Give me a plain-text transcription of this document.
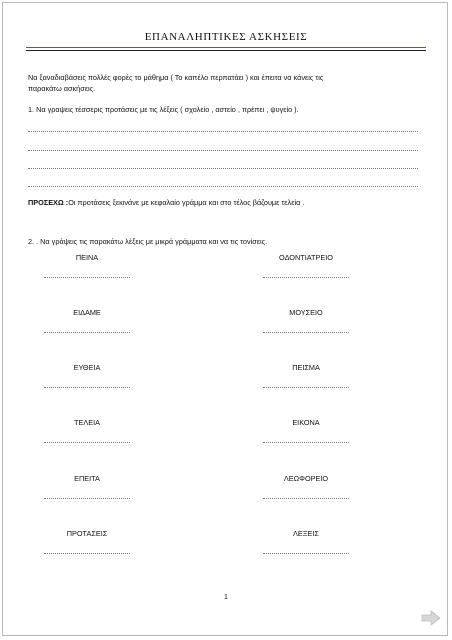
ΕΠΑΝΑΛΗΠΤΙΚΕΣ ΑΣΚΗΣΕΙΣ
Να ξαναδιαβάσεις πολλές φορές το μάθημα ( Το καπέλο περπατάει ) και έπειτα να κάνεις τις
παρακάτω ασκήσεις.
1. Να γραψεις τέσσερις προτάσεις με τις λέξεις ( σχολείο , αστείο , πρέπει , ψυγείο ).
ΠΡΟΣΕΧΩ :Οι προτάσεις ξεκινάνε με κεφαλαίο γράμμα και στο τέλος βάζουμε τελεία .
2. . Να γράψεις τις παρακάτω λέξεις με μικρά γράμματα και να τις τονίσεις.
ΠΕΙΝΑ	ΟΔΟΝΤΙΑΤΡΕΙΟ
ΕΙΔΑΜΕ	ΜΟΥΣΕΙΟ
ΕΥΘΕΙΑ	ΠΕΙΣΜΑ
ΤΕΛΕΙΑ	ΕΙΚΟΝΑ
ΕΠΕΙΤΑ	ΛΕΩΦΟΡΕΙΟ
ΠΡΟΤΑΣΕΙΣ	ΛΕΞΕΙΣ
1
